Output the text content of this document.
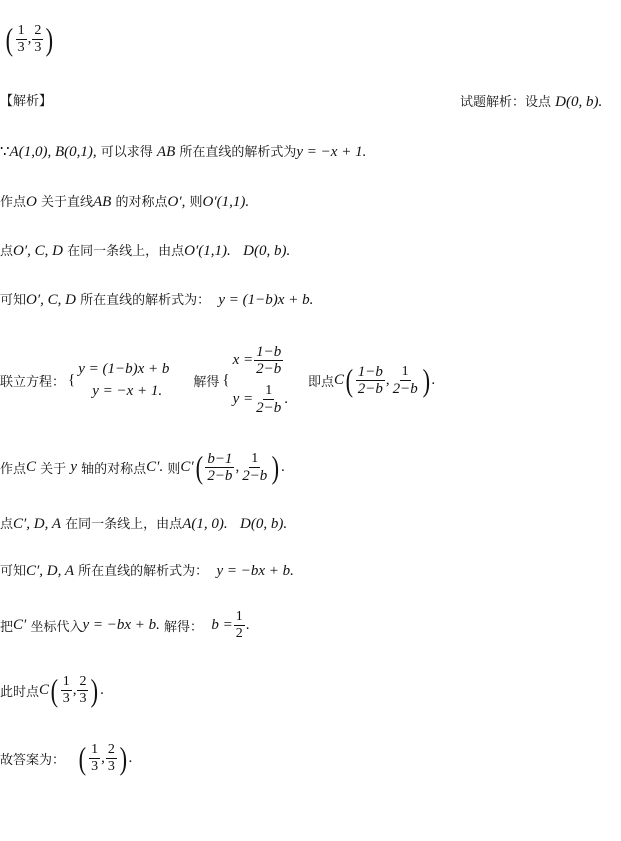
( $\frac{1}{3}$ , $\frac{2}{3}$ )
【解析】	试题解析：设点 D(0, b).
∵A(1,0), B(0,1), 可以求得 AB 所在直线的解析式为y = −x + 1.
作点O 关于直线AB 的对称点O′, 则O′(1,1).
点O′, C, D 在同一条线上，由点O′(1,1). D(0, b).
可知O′, C, D 所在直线的解析式为： y = (1−b)x + b.
联立方程： {
y = (1−b)x + b
y = −x + 1.
解得 {
$x = \frac{1-b}{2-b}$
$y = \frac{1}{2-b}$ .
即点 C ( $\frac{1-b}{2-b}$ , $\frac{1}{2-b}$ ) .
作点 C
关于
y
轴的对称点 C′.
则 C′ ( $\frac{b-1}{2-b}$ , $\frac{1}{2-b}$ ) .
点C′, D, A 在同一条线上，由点A(1, 0). D(0, b).
可知C′, D, A 所在直线的解析式为： y = −bx + b.
把 C′
坐标代入 y = −bx + b.
解得：
$b = \frac{1}{2}$ .
此时点 C ( $\frac{1}{3}$ , $\frac{2}{3}$ ) .
故答案为：
( $\frac{1}{3}$ , $\frac{2}{3}$ ) .
